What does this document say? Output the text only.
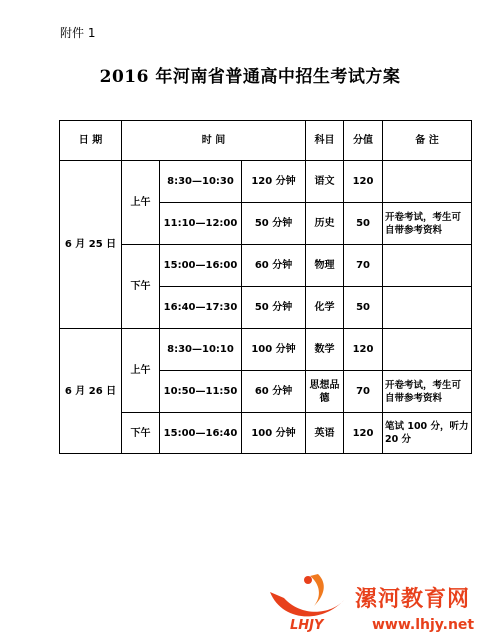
附件 1
2016 年河南省普通高中招生考试方案
日 期	时 间			科目	分值	备 注
6 月 25 日	上午	8:30—10:30	120 分钟	语文	120	
		11:10—12:00	50 分钟	历史	50	开卷考试，考生可自带参考资料
	下午	15:00—16:00	60 分钟	物理	70	
		16:40—17:30	50 分钟	化学	50	
6 月 26 日	上午	8:30—10:10	100 分钟	数学	120	
		10:50—11:50	60 分钟	思想品德	70	开卷考试，考生可自带参考资料
	下午	15:00—16:40	100 分钟	英语	120	笔试 100 分，听力 20 分
漯河教育网
LHJY	www.lhjy.net
